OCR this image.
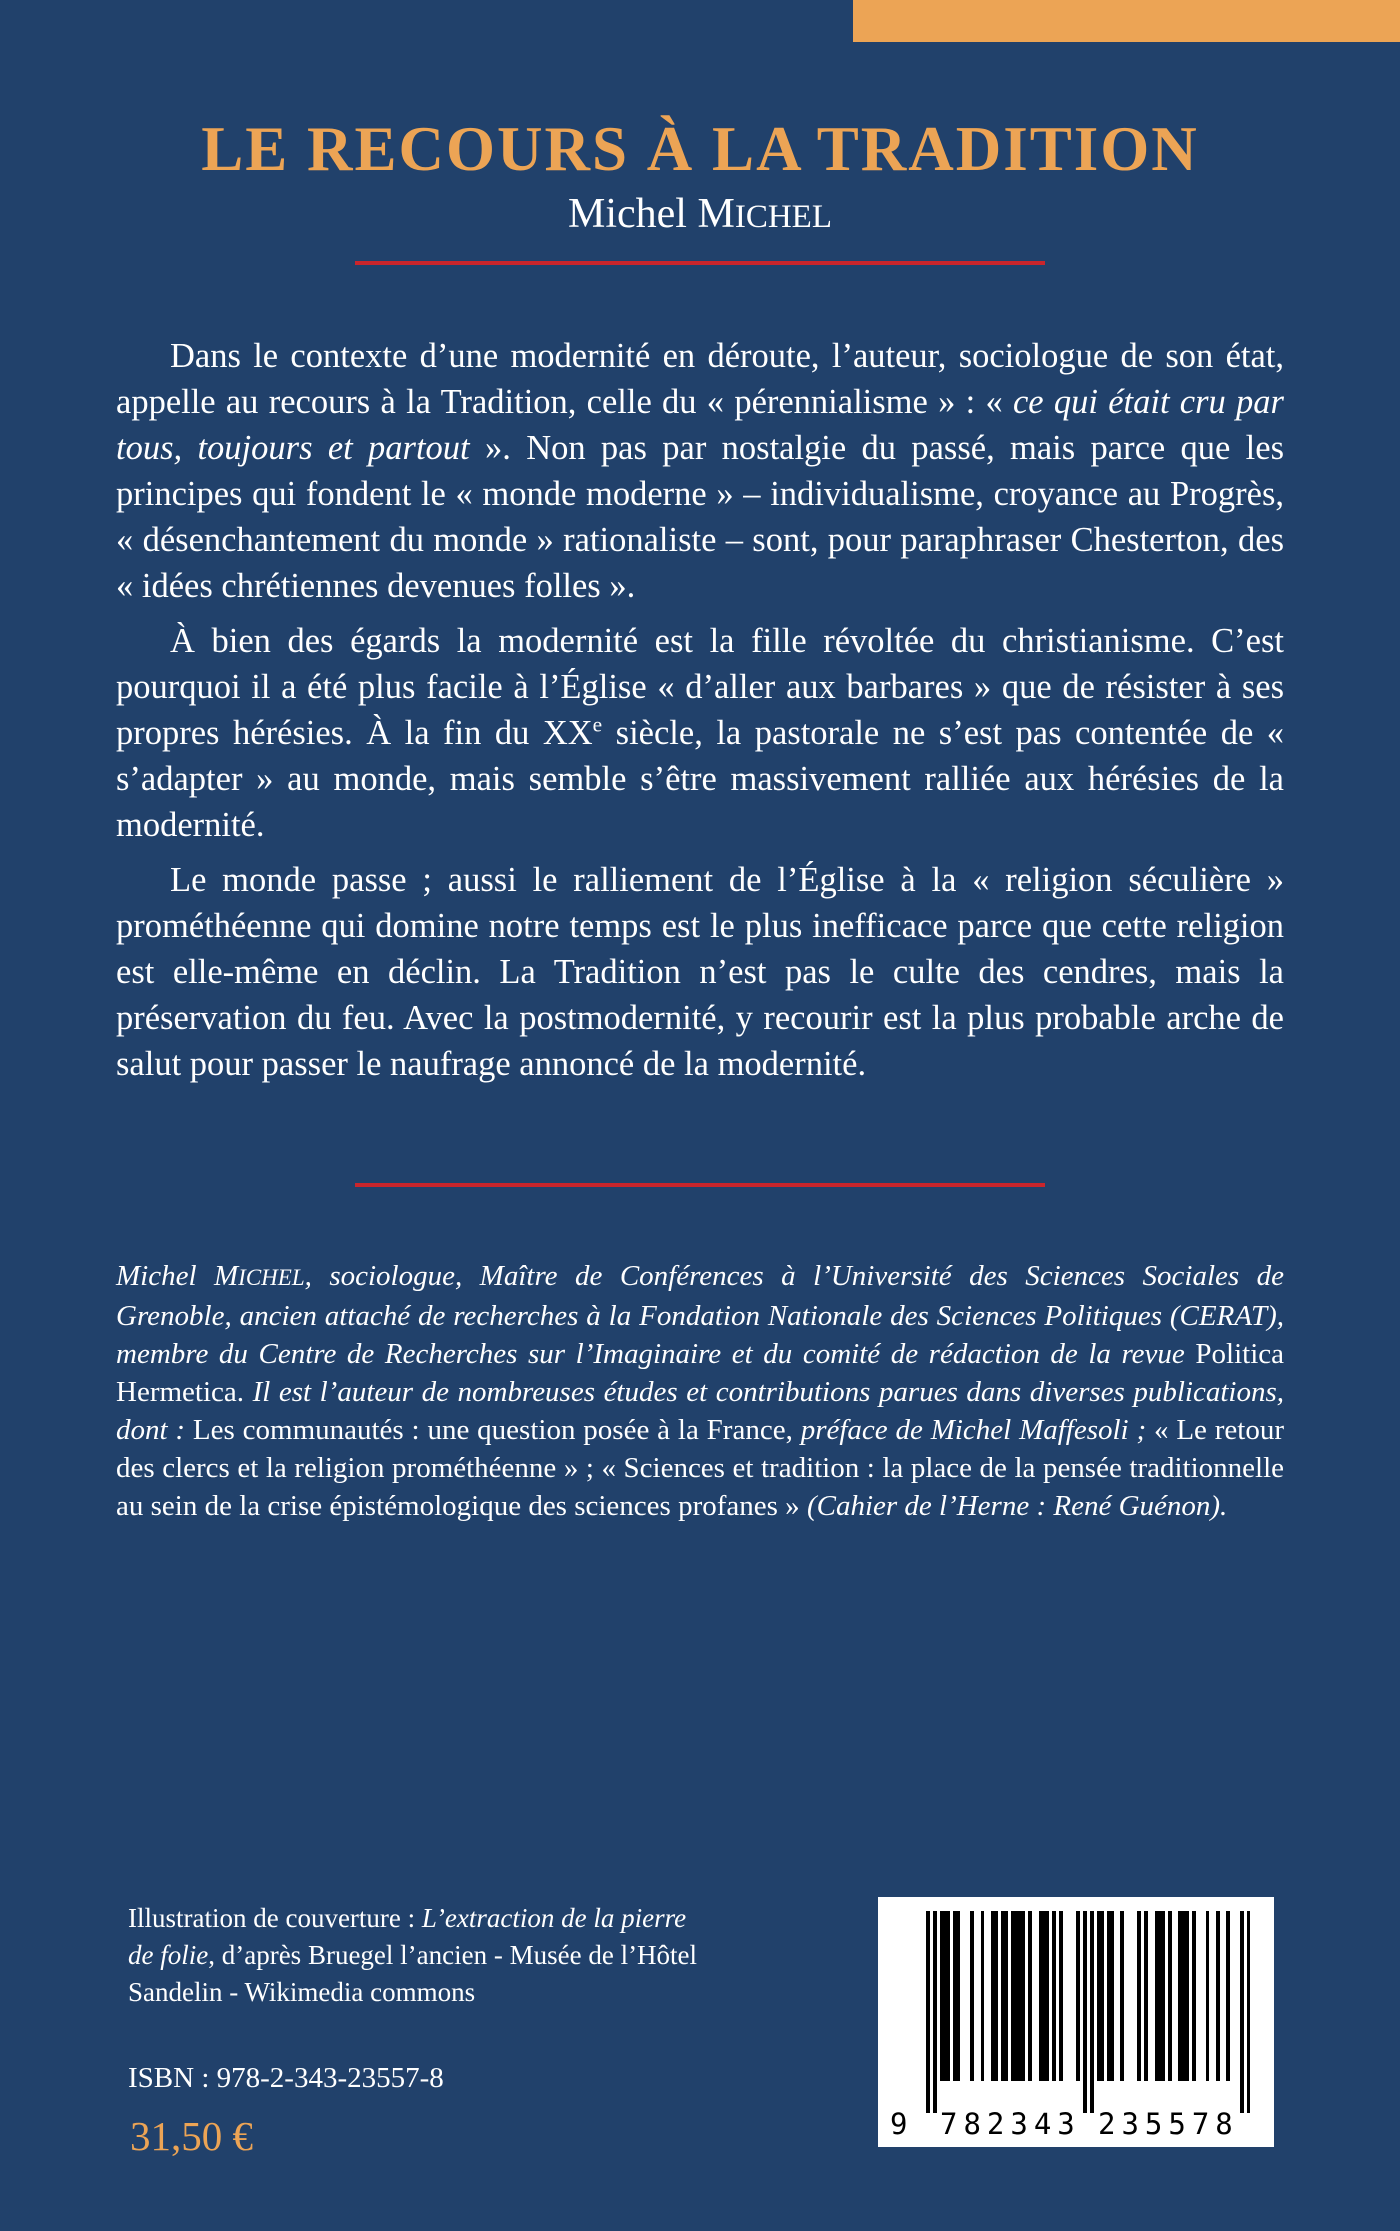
LE RECOURS À LA TRADITION
Michel MICHEL

Dans le contexte d’une modernité en déroute, l’auteur, sociologue de son état, appelle au recours à la Tradition, celle du « pérennialisme » : « ce qui était cru par tous, toujours et partout ». Non pas par nostalgie du passé, mais parce que les principes qui fondent le « monde moderne » – individualisme, croyance au Progrès, « désenchantement du monde » rationaliste – sont, pour paraphraser Chesterton, des « idées chrétiennes devenues folles ».

À bien des égards la modernité est la fille révoltée du christianisme. C’est pourquoi il a été plus facile à l’Église « d’aller aux barbares » que de résister à ses propres hérésies. À la fin du XXe siècle, la pastorale ne s’est pas contentée de « s’adapter » au monde, mais semble s’être massivement ralliée aux hérésies de la modernité.

Le monde passe ; aussi le ralliement de l’Église à la « religion séculière » prométhéenne qui domine notre temps est le plus inefficace parce que cette religion est elle-même en déclin. La Tradition n’est pas le culte des cendres, mais la préservation du feu. Avec la postmodernité, y recourir est la plus probable arche de salut pour passer le naufrage annoncé de la modernité.

Michel MICHEL, sociologue, Maître de Conférences à l’Université des Sciences Sociales de Grenoble, ancien attaché de recherches à la Fondation Nationale des Sciences Politiques (CERAT), membre du Centre de Recherches sur l’Imaginaire et du comité de rédaction de la revue Politica Hermetica. Il est l’auteur de nombreuses études et contributions parues dans diverses publications, dont : Les communautés : une question posée à la France, préface de Michel Maffesoli ; « Le retour des clercs et la religion prométhéenne » ; « Sciences et tradition : la place de la pensée traditionnelle au sein de la crise épistémologique des sciences profanes » (Cahier de l’Herne : René Guénon).

Illustration de couverture : L’extraction de la pierre
de folie, d’après Bruegel l’ancien - Musée de l’Hôtel
Sandelin - Wikimedia commons
ISBN : 978-2-343-23557-8
31,50 €	9 782343 235578
